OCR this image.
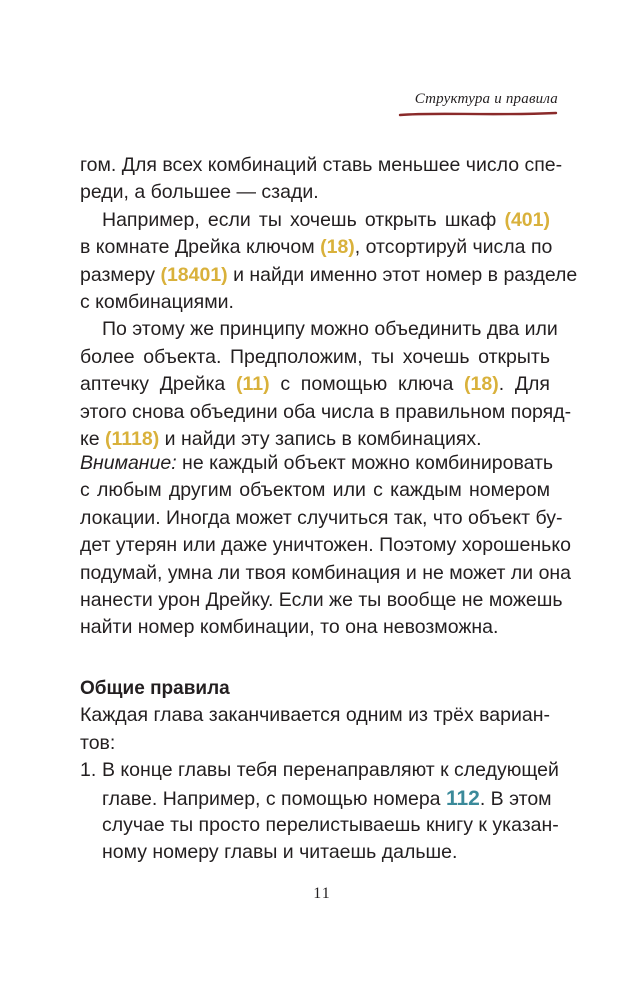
Структура и правила
гом. Для всех комбинаций ставь меньшее число спе-
реди, а большее — сзади.
Например, если ты хочешь открыть шкаф (401)
в комнате Дрейка ключом (18), отсортируй числа по
размеру (18401) и найди именно этот номер в разделе
с комбинациями.
По этому же принципу можно объединить два или
более объекта. Предположим, ты хочешь открыть
аптечку Дрейка (11) с помощью ключа (18). Для
этого снова объедини оба числа в правильном поряд-
ке (1118) и найди эту запись в комбинациях.
Внимание: не каждый объект можно комбинировать
с любым другим объектом или с каждым номером
локации. Иногда может случиться так, что объект бу-
дет утерян или даже уничтожен. Поэтому хорошенько
подумай, умна ли твоя комбинация и не может ли она
нанести урон Дрейку. Если же ты вообще не можешь
найти номер комбинации, то она невозможна.
Общие правила
Каждая глава заканчивается одним из трёх вариан-
тов:
1. В конце главы тебя перенаправляют к следующей
главе. Например, с помощью номера 112. В этом
случае ты просто перелистываешь книгу к указан-
ному номеру главы и читаешь дальше.
11
